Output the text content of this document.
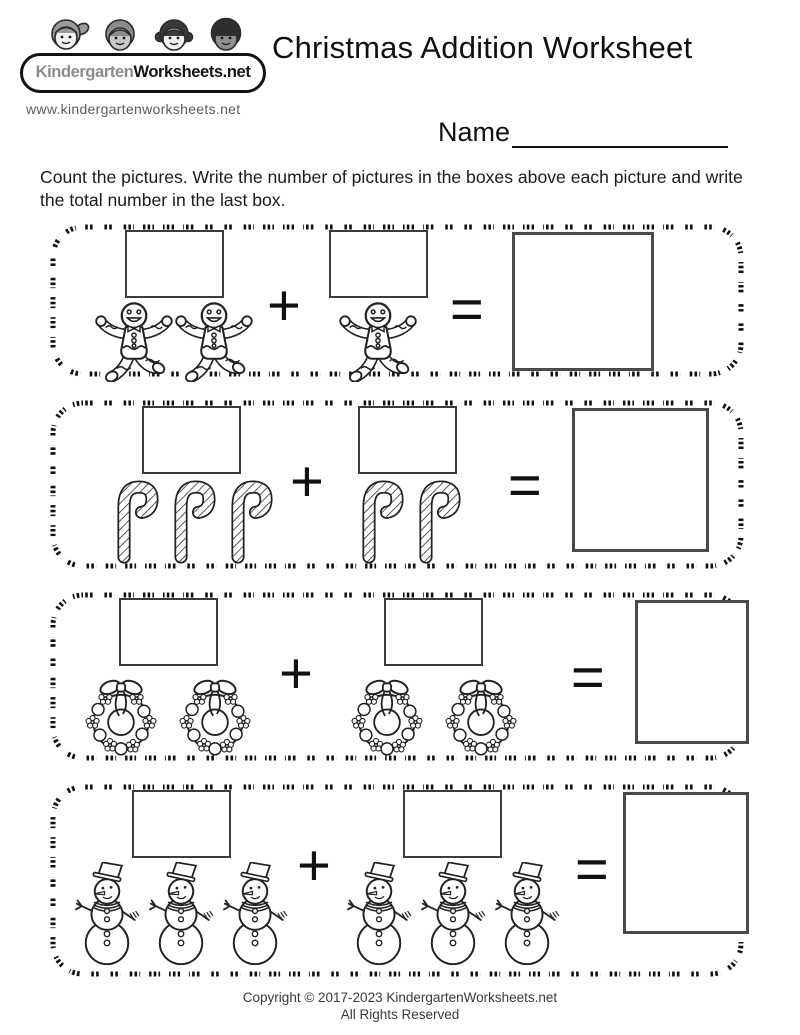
KindergartenWorksheets.net
www.kindergartenworksheets.net
Christmas Addition Worksheet
Name
Count the pictures. Write the number of pictures in the boxes above each picture and write the total number in the last box.
+	=
+	=
+	=
+	=
Copyright © 2017-2023 KindergartenWorksheets.net
All Rights Reserved
